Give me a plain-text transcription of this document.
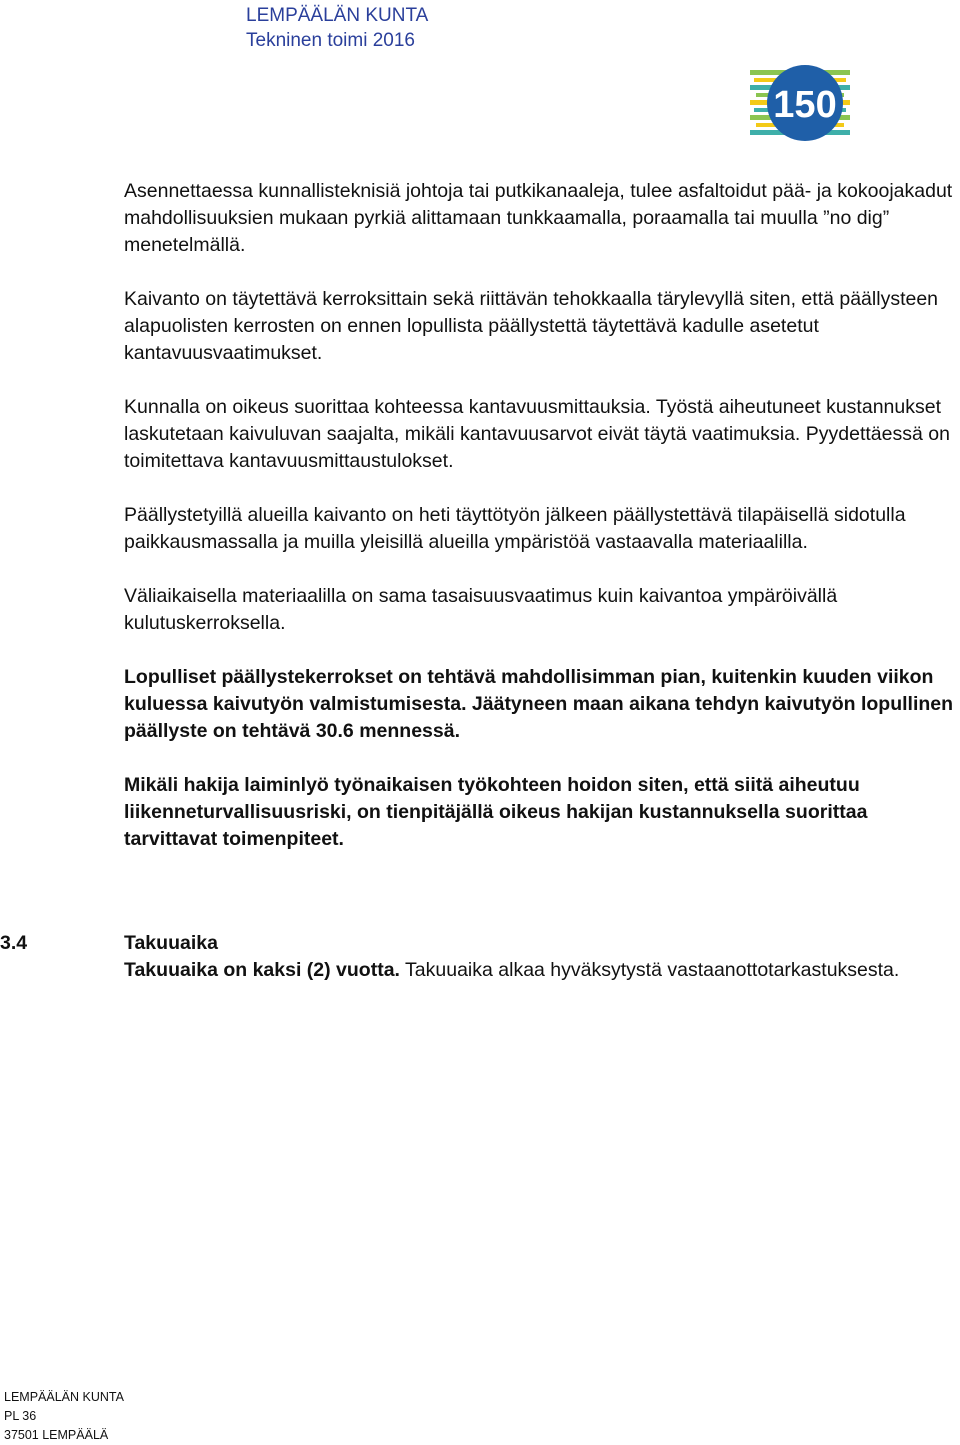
LEMPÄÄLÄN KUNTA
Tekninen toimi 2016
150

Asennettaessa kunnallisteknisiä johtoja tai putkikanaaleja, tulee asfaltoidut pää- ja kokoojakadut mahdollisuuksien mukaan pyrkiä alittamaan tunkkaamalla, poraamalla tai muulla ”no dig” menetelmällä.

Kaivanto on täytettävä kerroksittain sekä riittävän tehokkaalla tärylevyllä siten, että päällysteen alapuolisten kerrosten on ennen lopullista päällystettä täytettävä kadulle asetetut kantavuusvaatimukset.

Kunnalla on oikeus suorittaa kohteessa kantavuusmittauksia. Työstä aiheutuneet kustannukset laskutetaan kaivuluvan saajalta, mikäli kantavuusarvot eivät täytä vaatimuksia. Pyydettäessä on toimitettava kantavuusmittaustulokset.

Päällystetyillä alueilla kaivanto on heti täyttötyön jälkeen päällystettävä tilapäisellä sidotulla paikkausmassalla ja muilla yleisillä alueilla ympäristöä vastaavalla materiaalilla.

Väliaikaisella materiaalilla on sama tasaisuusvaatimus kuin kaivantoa ympäröivällä kulutuskerroksella.

Lopulliset päällystekerrokset on tehtävä mahdollisimman pian, kuitenkin kuuden viikon kuluessa kaivutyön valmistumisesta. Jäätyneen maan aikana tehdyn kaivutyön lopullinen päällyste on tehtävä 30.6 mennessä.

Mikäli hakija laiminlyö työnaikaisen työkohteen hoidon siten, että siitä aiheutuu liikenneturvallisuusriski, on tienpitäjällä oikeus hakijan kustannuksella suorittaa tarvittavat toimenpiteet.

3.4	Takuuaika
Takuuaika on kaksi (2) vuotta. Takuuaika alkaa hyväksytystä vastaanottotarkastuksesta.
LEMPÄÄLÄN KUNTA
PL 36
37501 LEMPÄÄLÄ
